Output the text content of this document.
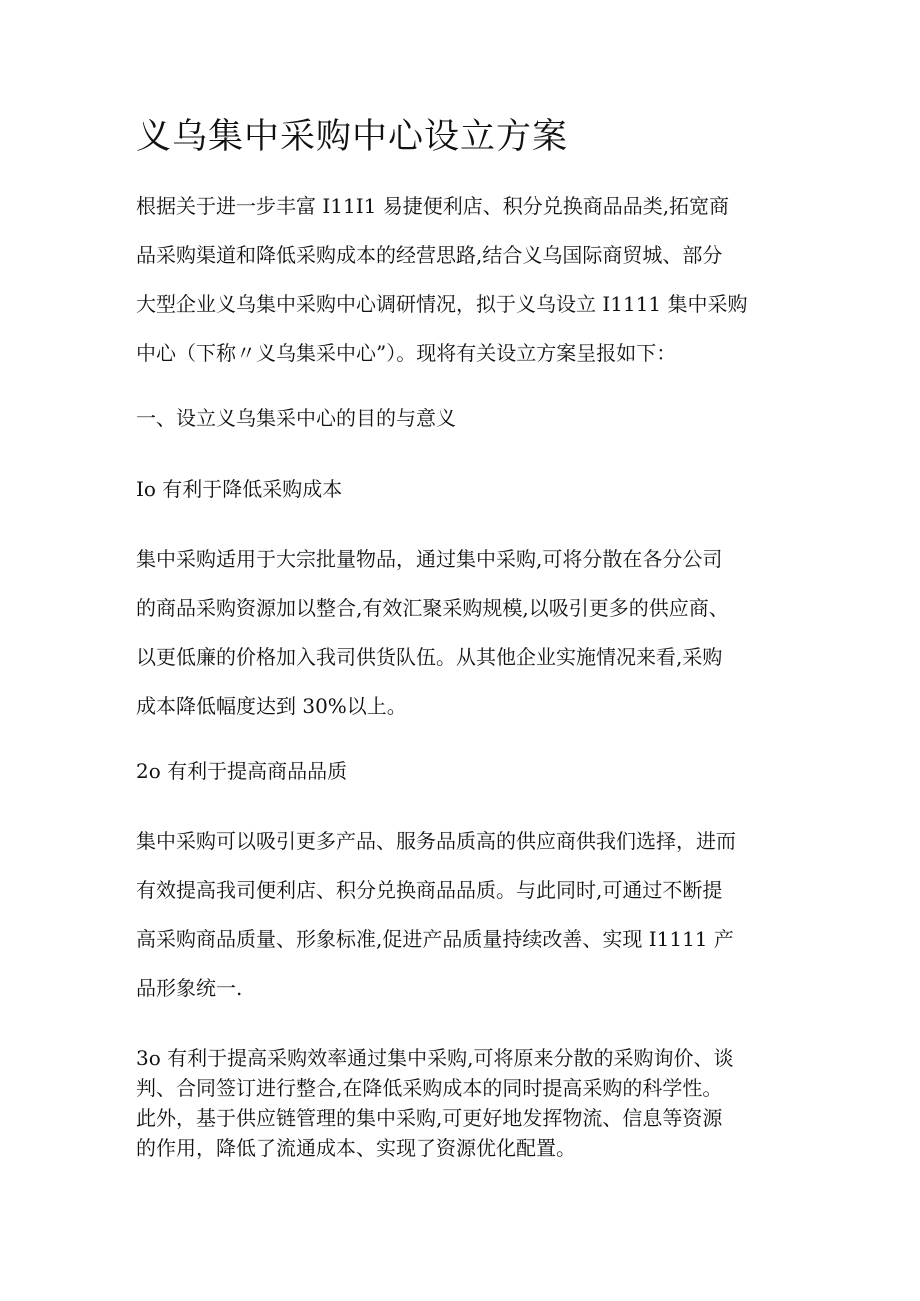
义乌集中采购中心设立方案
根据关于进一步丰富 I11I1 易捷便利店、积分兑换商品品类,拓宽商
品采购渠道和降低采购成本的经营思路,结合义乌国际商贸城、部分
大型企业义乌集中采购中心调研情况，拟于义乌设立 I1111 集中采购
中心（下称〃义乌集采中心”）。现将有关设立方案呈报如下：
一、设立义乌集采中心的目的与意义
Io 有利于降低采购成本
集中采购适用于大宗批量物品，通过集中采购,可将分散在各分公司
的商品采购资源加以整合,有效汇聚采购规模,以吸引更多的供应商、
以更低廉的价格加入我司供货队伍。从其他企业实施情况来看,采购
成本降低幅度达到 30%以上。
2o 有利于提高商品品质
集中采购可以吸引更多产品、服务品质高的供应商供我们选择，进而
有效提高我司便利店、积分兑换商品品质。与此同时,可通过不断提
高采购商品质量、形象标准,促进产品质量持续改善、实现 I1111 产
品形象统一.
3o 有利于提高采购效率通过集中采购,可将原来分散的采购询价、谈
判、合同签订进行整合,在降低采购成本的同时提高采购的科学性。
此外，基于供应链管理的集中采购,可更好地发挥物流、信息等资源
的作用，降低了流通成本、实现了资源优化配置。
